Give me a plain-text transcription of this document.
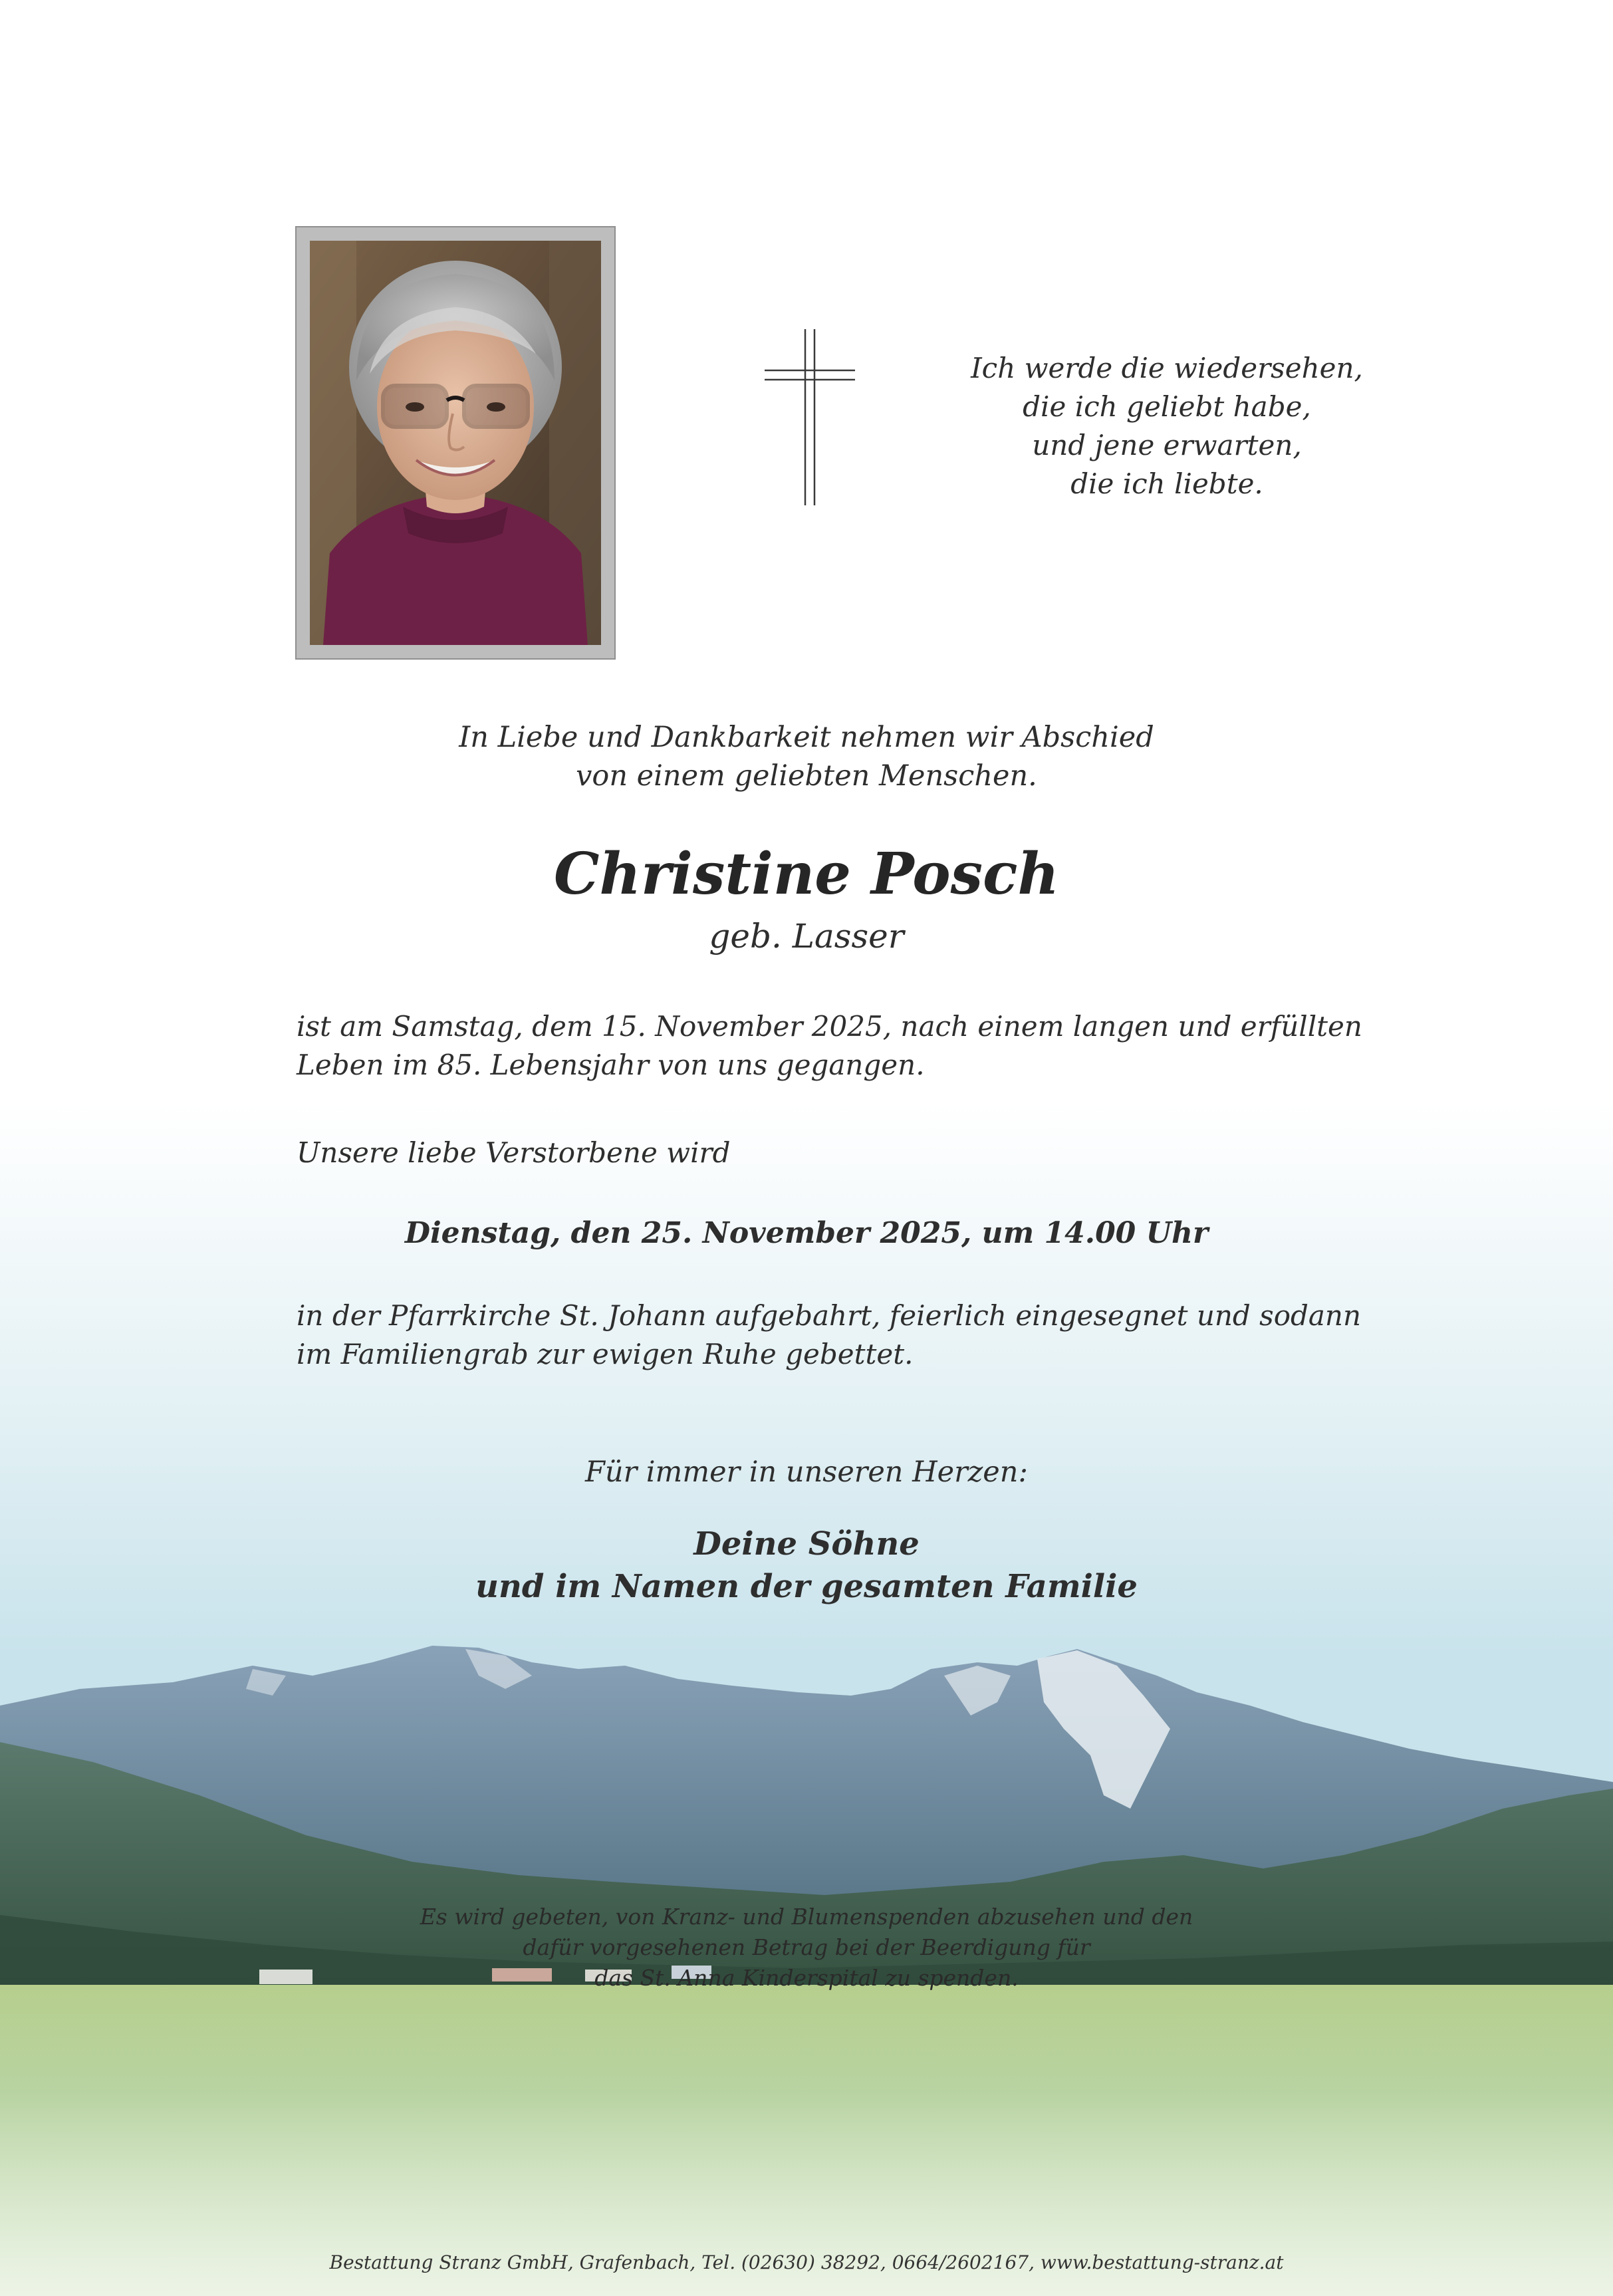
Ich werde die wiedersehen,
die ich geliebt habe,
und jene erwarten,
die ich liebte.
In Liebe und Dankbarkeit nehmen wir Abschied
von einem geliebten Menschen.
Christine Posch
geb. Lasser
ist am Samstag, dem 15. November 2025, nach einem langen und erfüllten
Leben im 85. Lebensjahr von uns gegangen.
Unsere liebe Verstorbene wird
Dienstag, den 25. November 2025, um 14.00 Uhr
in der Pfarrkirche St. Johann aufgebahrt, feierlich eingesegnet und sodann
im Familiengrab zur ewigen Ruhe gebettet.
Für immer in unseren Herzen:
Deine Söhne
und im Namen der gesamten Familie
Es wird gebeten, von Kranz- und Blumenspenden abzusehen und den
dafür vorgesehenen Betrag bei der Beerdigung für
das St. Anna Kinderspital zu spenden.
Bestattung Stranz GmbH, Grafenbach, Tel. (02630) 38292, 0664/2602167, www.bestattung-stranz.at
